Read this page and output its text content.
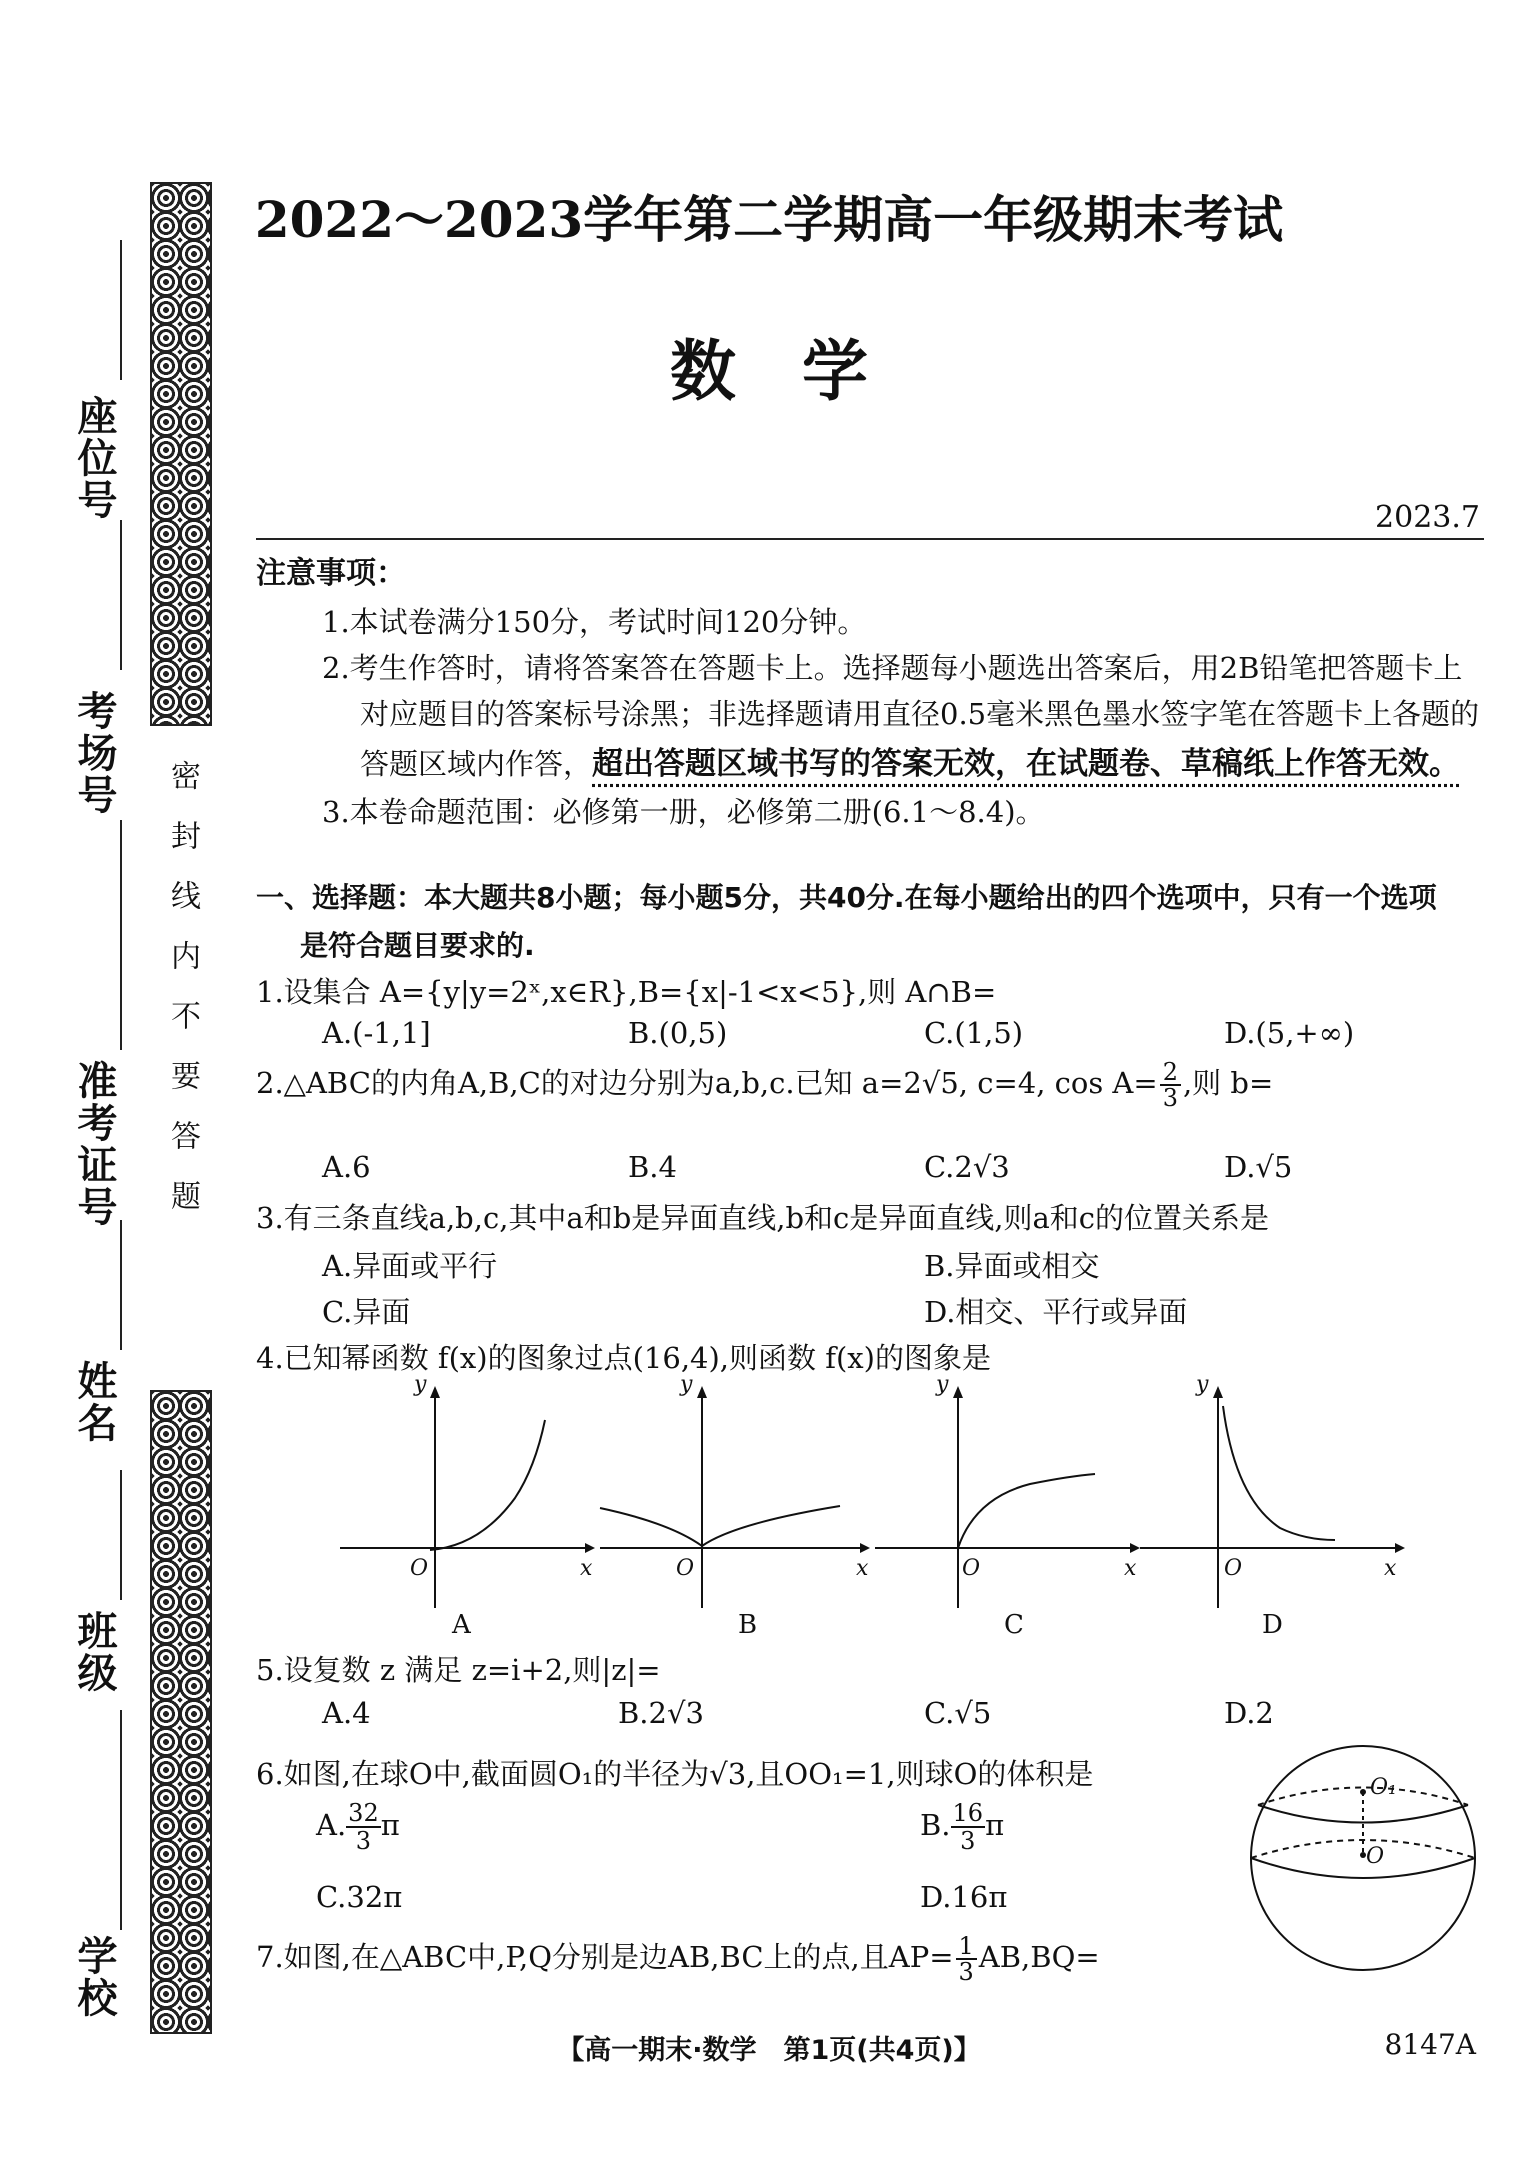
密封线内不要答题
座位号
考场号
准考证号
姓名
班级
学校
2022～2023学年第二学期高一年级期末考试
数　学
2023.7
注意事项：
1.本试卷满分150分，考试时间120分钟。
2.考生作答时，请将答案答在答题卡上。选择题每小题选出答案后，用2B铅笔把答题卡上
对应题目的答案标号涂黑；非选择题请用直径0.5毫米黑色墨水签字笔在答题卡上各题的
答题区域内作答，超出答题区域书写的答案无效，在试题卷、草稿纸上作答无效。
3.本卷命题范围：必修第一册，必修第二册(6.1～8.4)。
一、选择题：本大题共8小题；每小题5分，共40分.在每小题给出的四个选项中，只有一个选项
是符合题目要求的.
1.设集合 A={y|y=2ˣ,x∈R},B={x|-1<x<5},则 A∩B=
A.(-1,1]	B.(0,5)	C.(1,5)	D.(5,+∞)
2.△ABC的内角A,B,C的对边分别为a,b,c.已知 a=2√5, c=4, $\cos A= \frac{2}{3}$ ,则 b=
A.6	B.4	C.2√3	D.√5
3.有三条直线a,b,c,其中a和b是异面直线,b和c是异面直线,则a和c的位置关系是
A.异面或平行	B.异面或相交
C.异面	D.相交、平行或异面
4.已知幂函数 f(x)的图象过点(16,4),则函数 f(x)的图象是
y
O	x
A
y
O	x
B
y
O	x
C
y
O	x
D
5.设复数 z 满足 z=i+2,则|z|=
A.4	B.2√3	C.√5	D.2
6.如图,在球O中,截面圆O₁的半径为√3,且OO₁=1,则球O的体积是
A. $\frac{32}{3}$ π	B. $\frac{16}{3}$ π
C.32π	D.16π
O₁
O
7.如图,在△ABC中,P,Q分别是边AB,BC上的点,且$AP= \frac{1}{3} AB,BQ=$
【高一期末·数学　第1页(共4页)】	8147A
